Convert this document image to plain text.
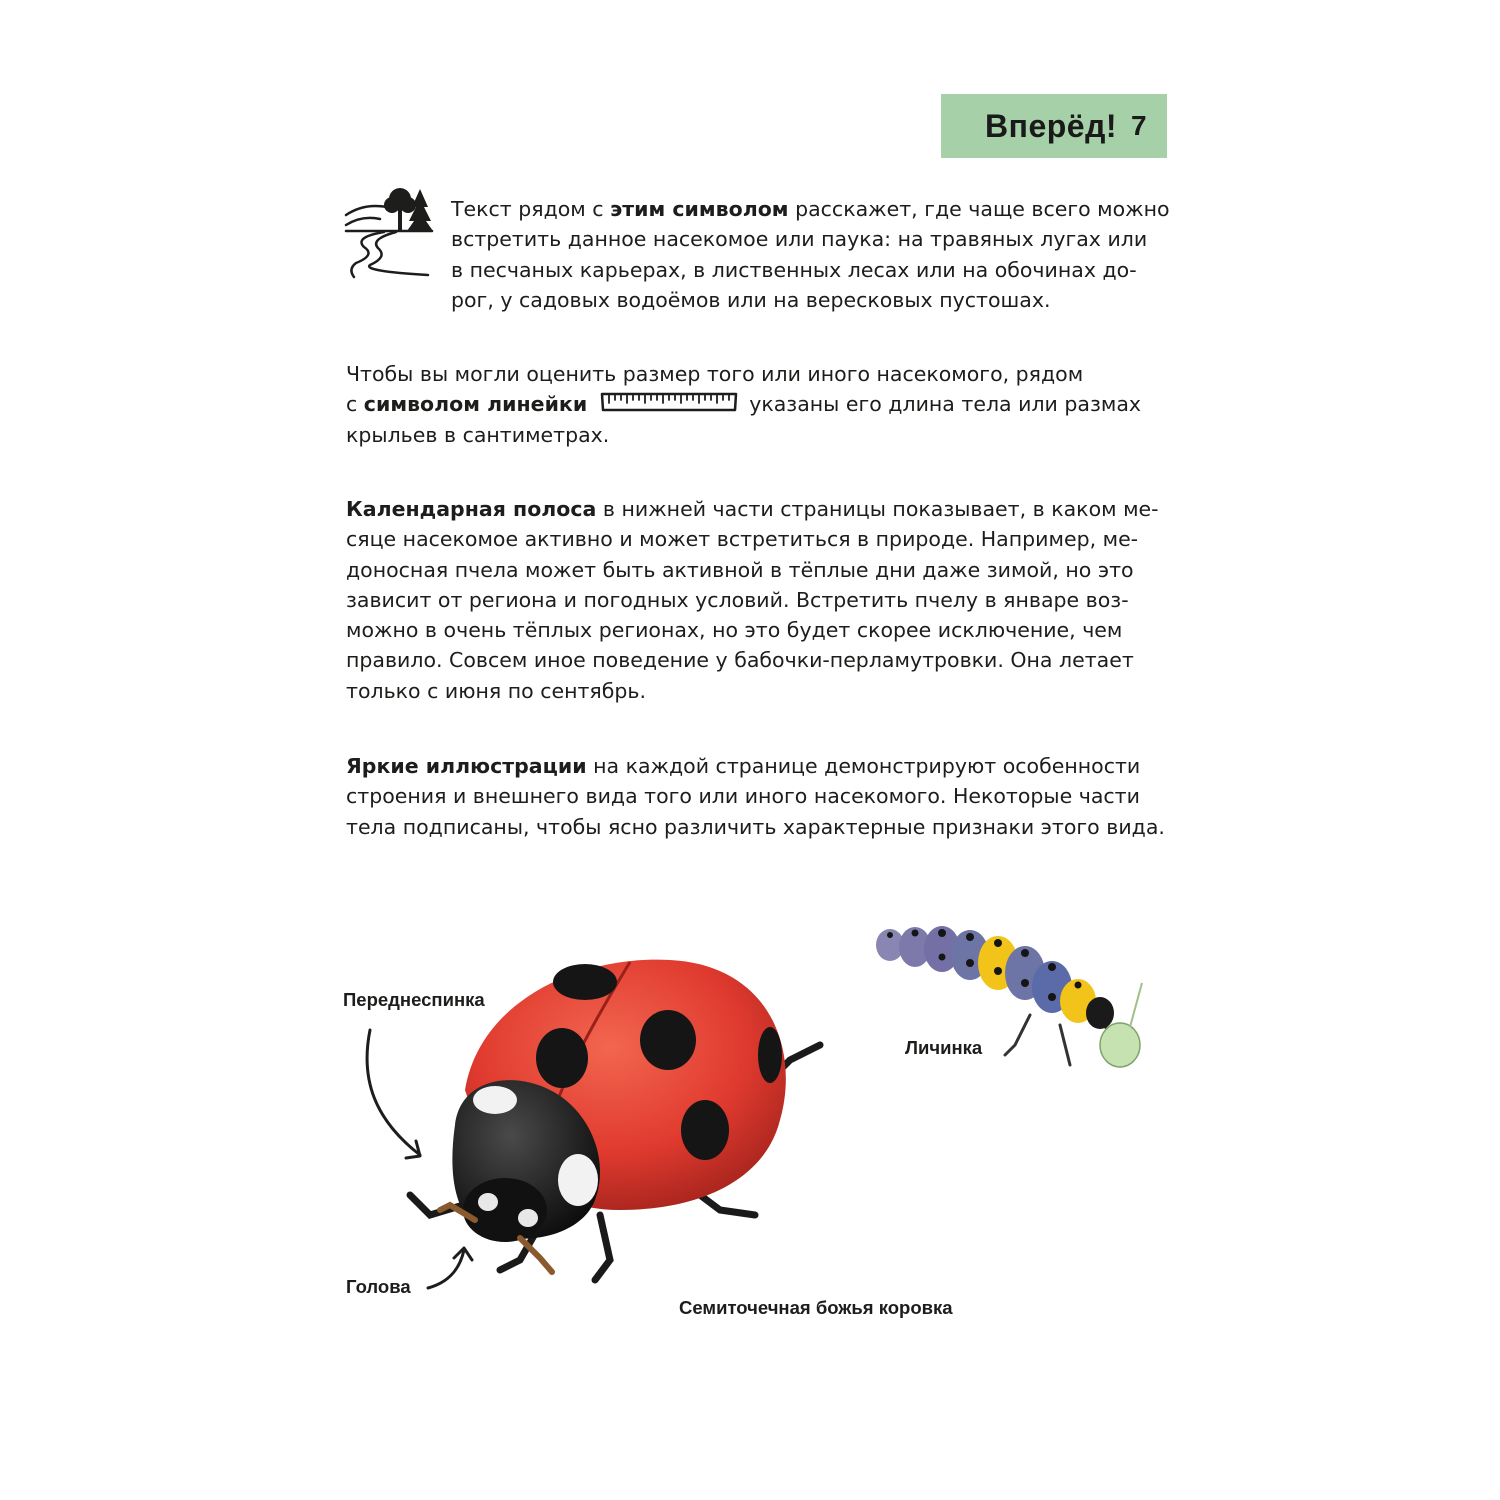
Вперёд! 7
Текст рядом с этим символом расскажет, где чаще всего можно
встретить данное насекомое или паука: на травяных лугах или
в песчаных карьерах, в лиственных лесах или на обочинах до-
рог, у садовых водоёмов или на вересковых пустошах.
Чтобы вы могли оценить размер того или иного насекомого, рядом
с символом линейки	указаны его длина тела или размах
крыльев в сантиметрах.
Календарная полоса в нижней части страницы показывает, в каком ме-
сяце насекомое активно и может встретиться в природе. Например, ме-
доносная пчела может быть активной в тёплые дни даже зимой, но это
зависит от региона и погодных условий. Встретить пчелу в январе воз-
можно в очень тёплых регионах, но это будет скорее исключение, чем
правило. Совсем иное поведение у бабочки-перламутровки. Она летает
только с июня по сентябрь.
Яркие иллюстрации на каждой странице демонстрируют особенности
строения и внешнего вида того или иного насекомого. Некоторые части
тела подписаны, чтобы ясно различить характерные признаки этого вида.
Переднеспинка
Голова
Личинка
Семиточечная божья коровка
